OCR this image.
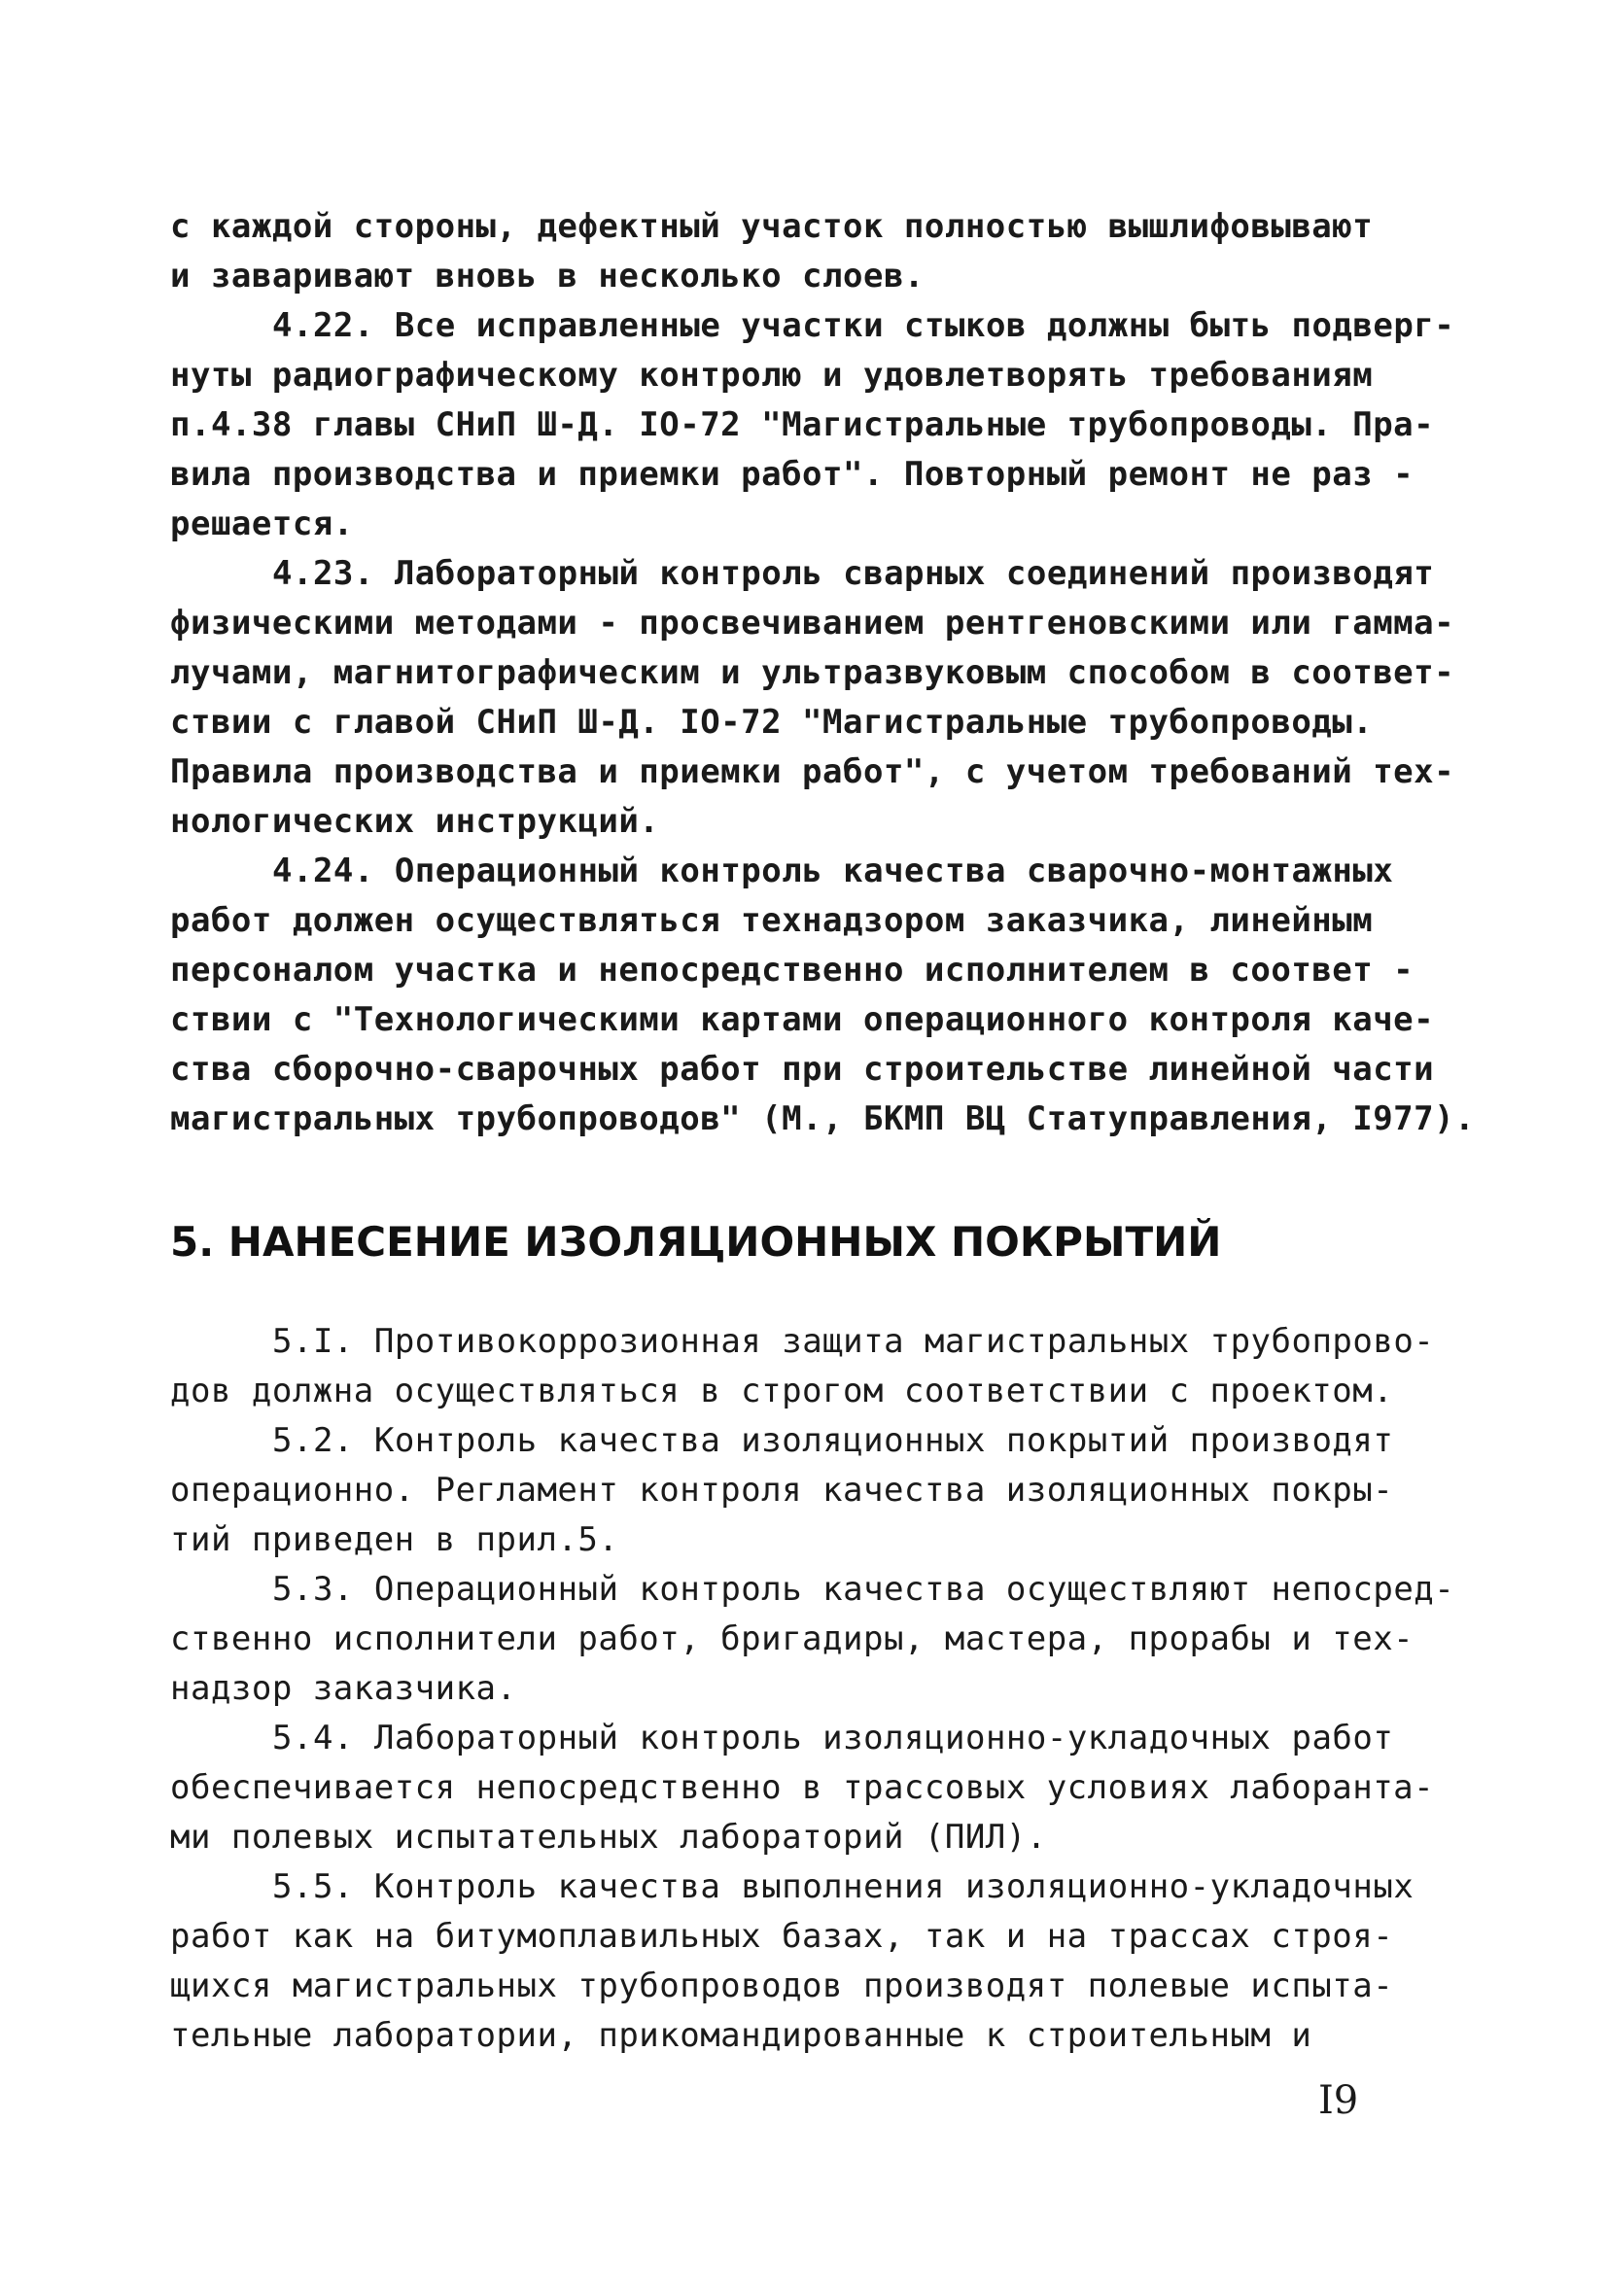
с каждой стороны, дефектный участок полностью вышлифовывают
и заваривают вновь в несколько слоев.
4.22. Все исправленные участки стыков должны быть подверг-
нуты радиографическому контролю и удовлетворять требованиям
п.4.38 главы СНиП Ш-Д. IO-72 "Магистральные трубопроводы. Пра-
вила производства и приемки работ". Повторный ремонт не раз -
решается.
4.23. Лабораторный контроль сварных соединений производят
физическими методами - просвечиванием рентгеновскими или гамма-
лучами, магнитографическим и ультразвуковым способом в соответ-
ствии с главой СНиП Ш-Д. IO-72 "Магистральные трубопроводы.
Правила производства и приемки работ", с учетом требований тех-
нологических инструкций.
4.24. Операционный контроль качества сварочно-монтажных
работ должен осуществляться технадзором заказчика, линейным
персоналом участка и непосредственно исполнителем в соответ -
ствии с "Технологическими картами операционного контроля каче-
ства сборочно-сварочных работ при строительстве линейной части
магистральных трубопроводов" (М., БКМП ВЦ Статуправления, I977).
5. НАНЕСЕНИЕ ИЗОЛЯЦИОННЫХ ПОКРЫТИЙ
5.I. Противокоррозионная защита магистральных трубопрово-
дов должна осуществляться в строгом соответствии с проектом.
5.2. Контроль качества изоляционных покрытий производят
операционно. Регламент контроля качества изоляционных покры-
тий приведен в прил.5.
5.3. Операционный контроль качества осуществляют непосред-
ственно исполнители работ, бригадиры, мастера, прорабы и тех-
надзор заказчика.
5.4. Лабораторный контроль изоляционно-укладочных работ
обеспечивается непосредственно в трассовых условиях лаборанта-
ми полевых испытательных лабораторий (ПИЛ).
5.5. Контроль качества выполнения изоляционно-укладочных
работ как на битумоплавильных базах, так и на трассах строя-
щихся магистральных трубопроводов производят полевые испыта-
тельные лаборатории, прикомандированные к строительным и
I9
